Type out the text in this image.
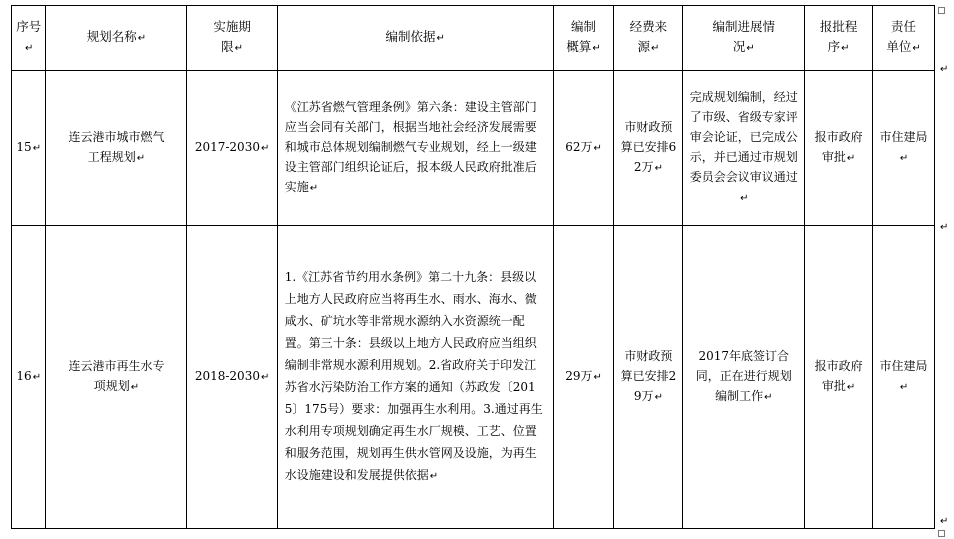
↵
↵
↵
序号↵	规划名称↵	实施期限↵	编制依据↵	编制概算↵	经费来源↵	编制进展情况↵	报批程序↵	责任单位↵
15↵	连云港市城市燃气工程规划↵	2017-2030↵	《江苏省燃气管理条例》第六条：建设主管部门应当会同有关部门，根据当地社会经济发展需要和城市总体规划编制燃气专业规划，经上一级建设主管部门组织论证后，报本级人民政府批准后实施↵	62万↵	市财政预算已安排62万↵	完成规划编制，经过了市级、省级专家评审会论证，已完成公示，并已通过市规划委员会会议审议通过↵	报市政府审批↵	市住建局↵
16↵	连云港市再生水专项规划↵	2018-2030↵	1.《江苏省节约用水条例》第二十九条：县级以上地方人民政府应当将再生水、雨水、海水、微咸水、矿坑水等非常规水源纳入水资源统一配置。第三十条：县级以上地方人民政府应当组织编制非常规水源利用规划。2.省政府关于印发江苏省水污染防治工作方案的通知（苏政发〔2015〕175号）要求：加强再生水利用。3.通过再生水利用专项规划确定再生水厂规模、工艺、位置和服务范围，规划再生供水管网及设施，为再生水设施建设和发展提供依据↵	29万↵	市财政预算已安排29万↵	2017年底签订合同，正在进行规划编制工作↵	报市政府审批↵	市住建局↵
